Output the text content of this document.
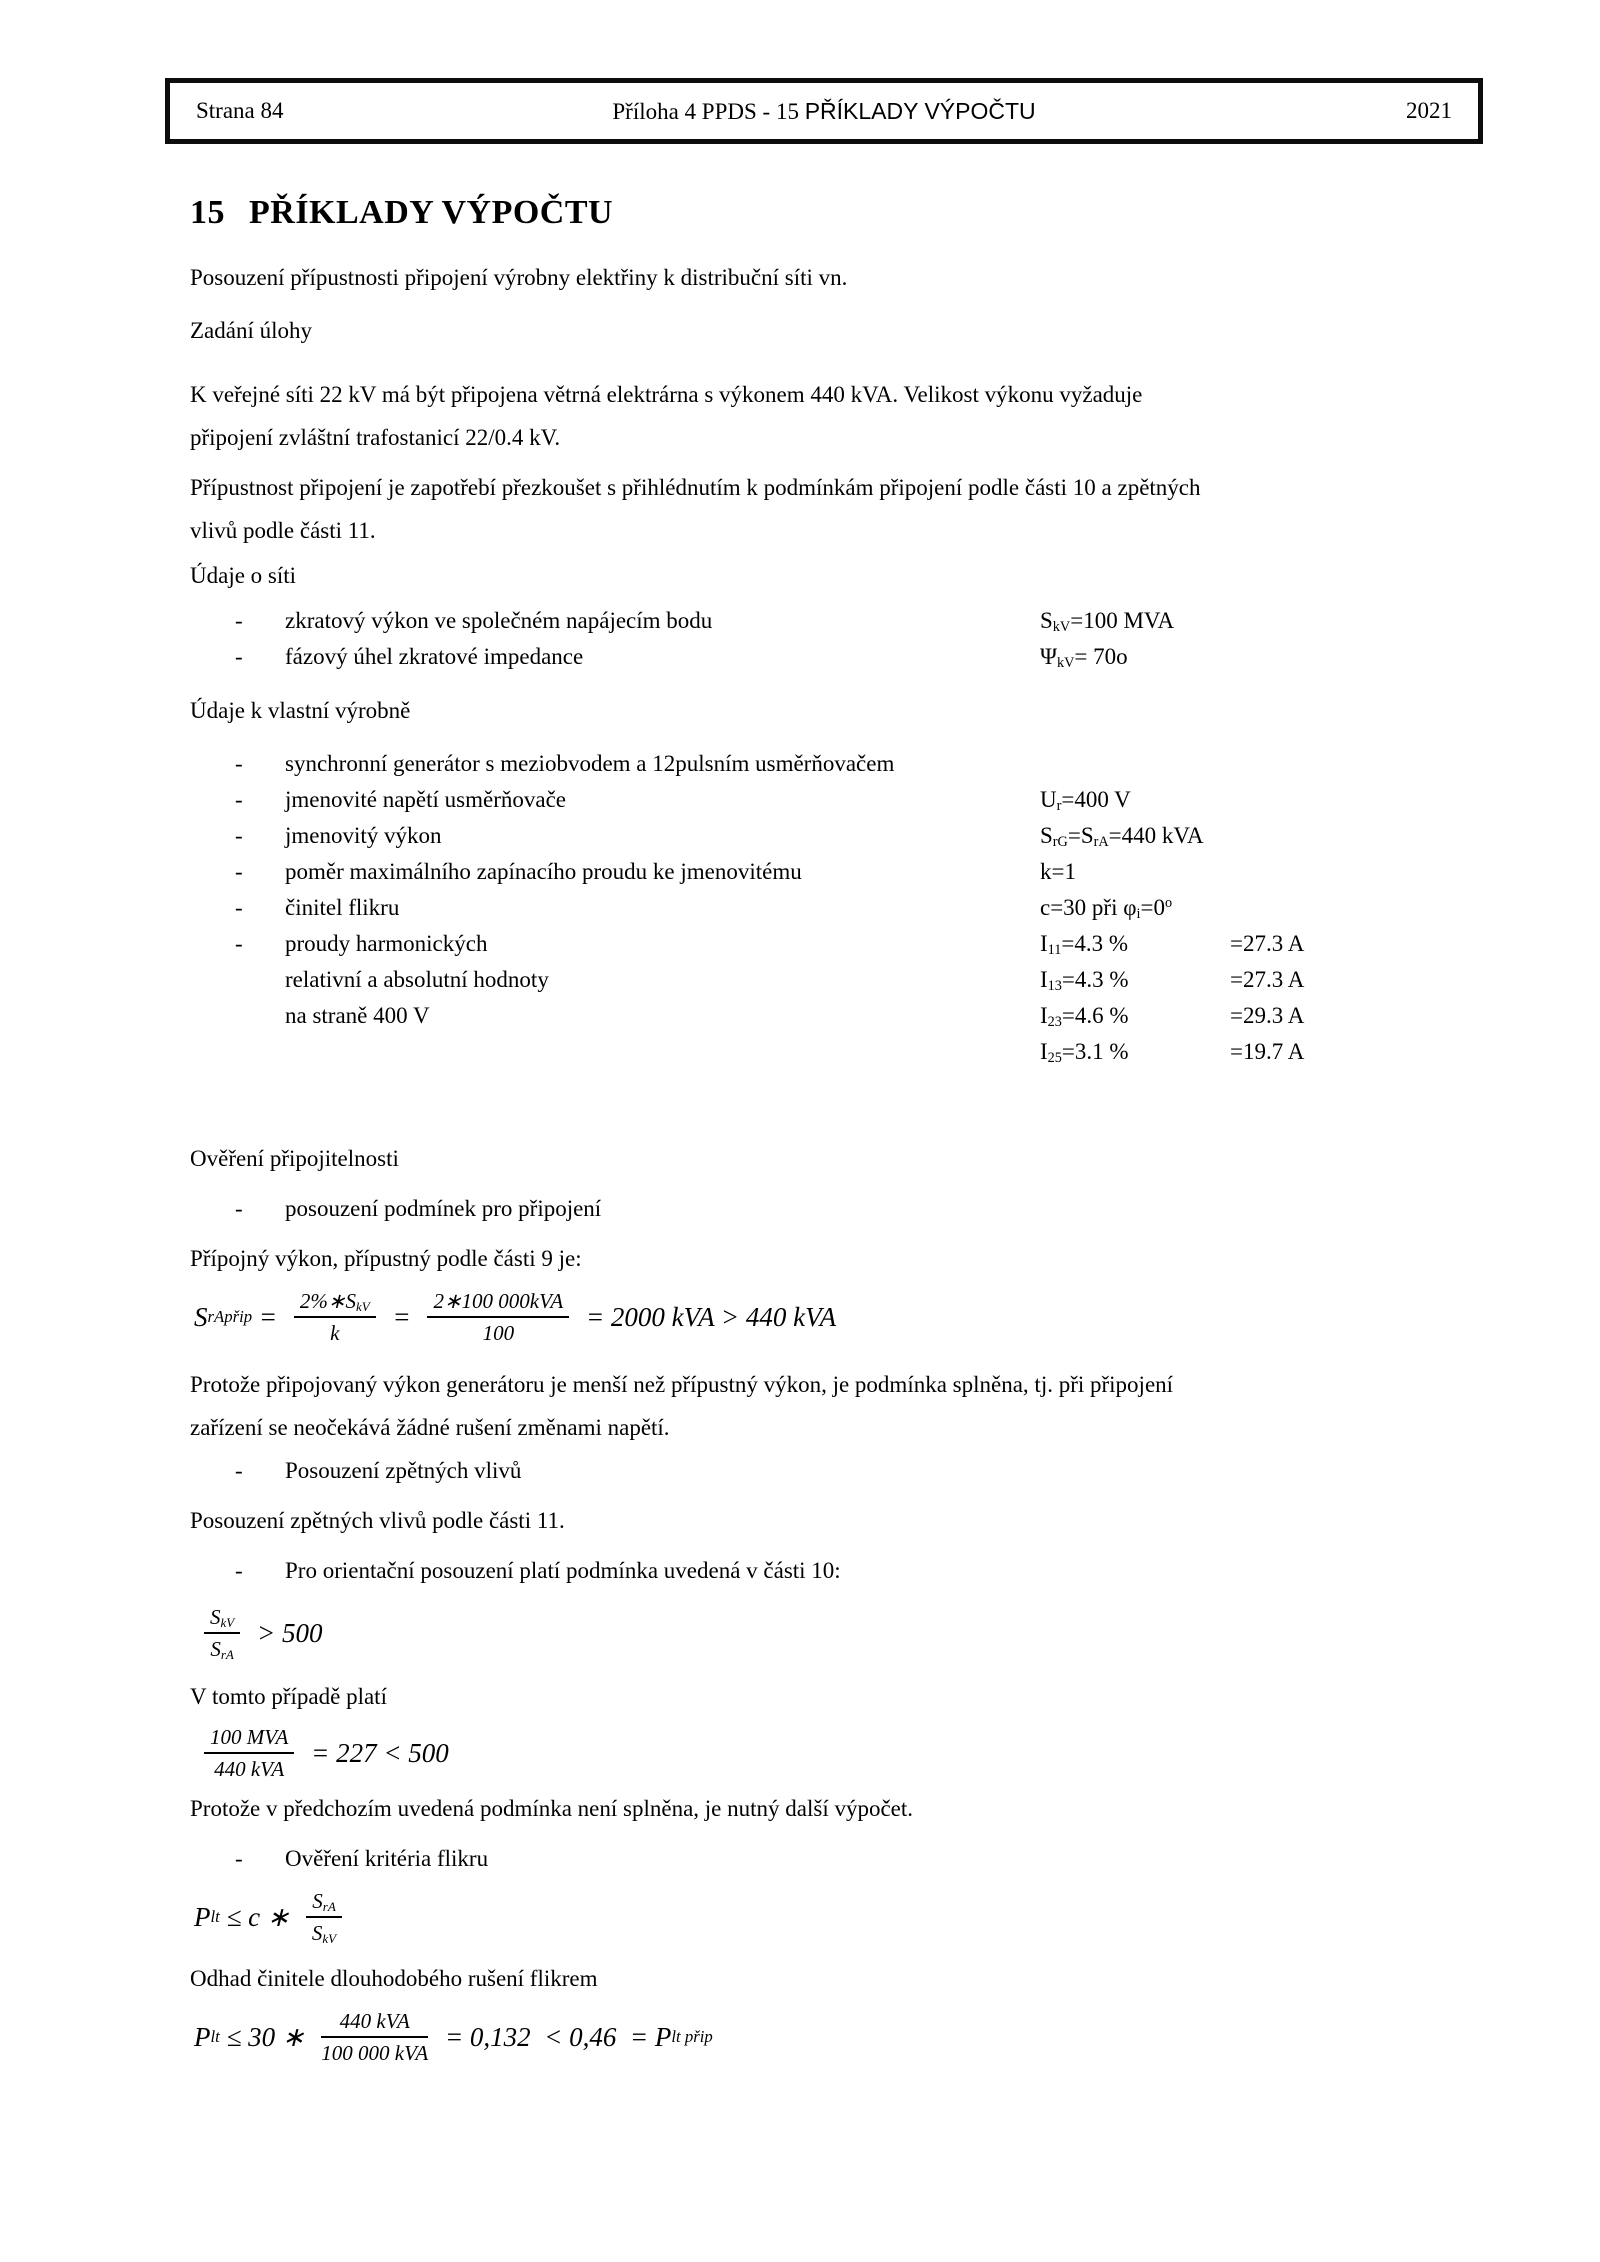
Strana 84	Příloha 4 PPDS - 15 PŘÍKLADY VÝPOČTU	2021
15 PŘÍKLADY VÝPOČTU

Posouzení přípustnosti připojení výrobny elektřiny k distribuční síti vn.

Zadání úlohy

K veřejné síti 22 kV má být připojena větrná elektrárna s výkonem 440 kVA. Velikost výkonu vyžaduje
připojení zvláštní trafostanicí 22/0.4 kV.

Přípustnost připojení je zapotřebí přezkoušet s přihlédnutím k podmínkám připojení podle části 10 a zpětných
vlivů podle části 11.

Údaje o síti

-	zkratový výkon ve společném napájecím bodu	$S_{kV}=100$ MVA
-	fázový úhel zkratové impedance	$\Psi_{kV}= 70o$

Údaje k vlastní výrobně

-	synchronní generátor s meziobvodem a 12pulsním usměrňovačem
-	jmenovité napětí usměrňovače	$U_r=400$ V
-	jmenovitý výkon	$S_{rG}=S_{rA}=440$ kVA
-	poměr maximálního zapínacího proudu ke jmenovitému	k=1
-	činitel flikru	c=30 při $\varphi_i=0^o$
-	proudy harmonických	$I_{11}=4.3$ %	=27.3 A
relativní a absolutní hodnoty	$I_{13}=4.3$ %	=27.3 A
na straně 400 V	$I_{23}=4.6$ %	=29.3 A
$I_{25}=3.1$ %	=19.7 A

Ověření připojitelnosti

-	posouzení podmínek pro připojení

Přípojný výkon, přípustný podle části 9 je:

S rApřip = $\frac{2\%∗S_{kV}}{k} = \frac{\text{2∗100 000kVA}}{100} = 2000$ kVA > 440 kVA

Protože připojovaný výkon generátoru je menší než přípustný výkon, je podmínka splněna, tj. při připojení
zařízení se neočekává žádné rušení změnami napětí.

-	Posouzení zpětných vlivů

Posouzení zpětných vlivů podle části 11.

-	Pro orientační posouzení platí podmínka uvedená v části 10:
$\frac{S_{kV}}{S_{rA}} > 500$

V tomto případě platí

$\frac{\text{100 MVA}}{\text{440 kVA}} = 227 < 500$

Protože v předchozím uvedená podmínka není splněna, je nutný další výpočet.

-	Ověření kritéria flikru
P lt ≤ c ∗ $\frac{S_{rA}}{S_{kV}}$

Odhad činitele dlouhodobého rušení flikrem

P lt ≤ 30 ∗ $\frac{\text{440 kVA}}{\text{100 000 kVA}} = 0,132 < 0,46 = P$ lt přip
